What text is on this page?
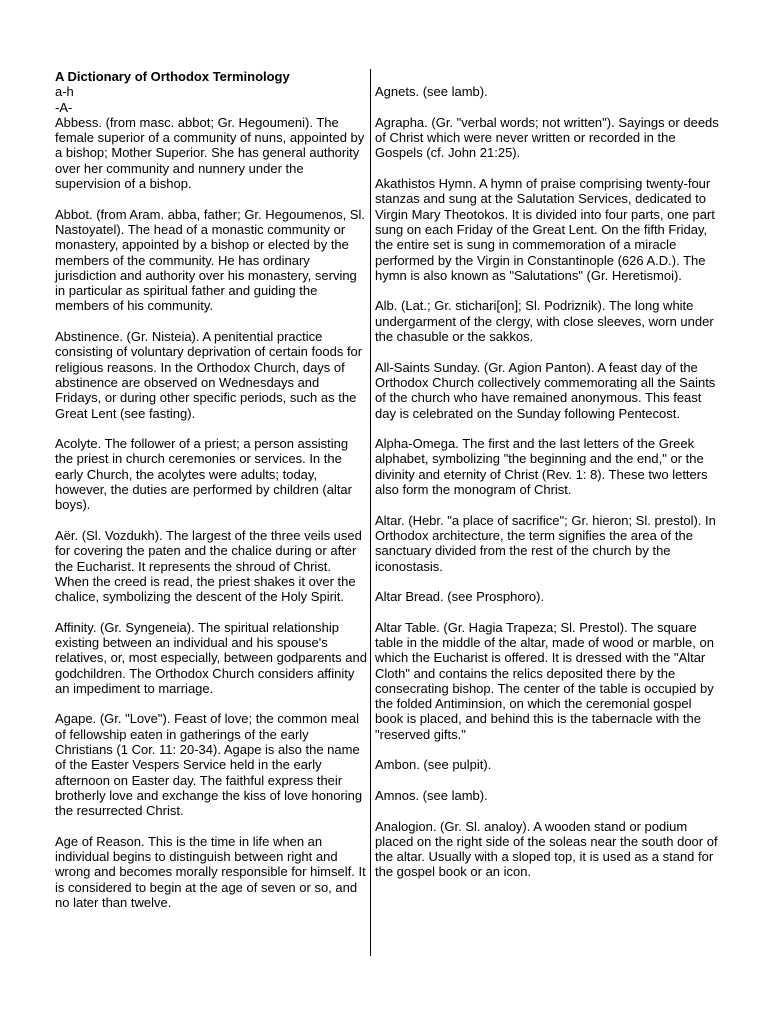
A Dictionary of Orthodox Terminology

a-h

-A-

Abbess. (from masc. abbot; Gr. Hegoumeni). The female superior of a community of nuns, appointed by a bishop; Mother Superior. She has general authority over her community and nunnery under the supervision of a bishop.

Abbot. (from Aram. abba, father; Gr. Hegoumenos, Sl. Nastoyatel). The head of a monastic community or monastery, appointed by a bishop or elected by the members of the community. He has ordinary jurisdiction and authority over his monastery, serving in particular as spiritual father and guiding the members of his community.

Abstinence. (Gr. Nisteia). A penitential practice consisting of voluntary deprivation of certain foods for religious reasons. In the Orthodox Church, days of abstinence are observed on Wednesdays and Fridays, or during other specific periods, such as the Great Lent (see fasting).

Acolyte. The follower of a priest; a person assisting the priest in church ceremonies or services. In the early Church, the acolytes were adults; today, however, the duties are performed by children (altar boys).

Aër. (Sl. Vozdukh). The largest of the three veils used for covering the paten and the chalice during or after the Eucharist. It represents the shroud of Christ. When the creed is read, the priest shakes it over the chalice, symbolizing the descent of the Holy Spirit.

Affinity. (Gr. Syngeneia). The spiritual relationship existing between an individual and his spouse's relatives, or, most especially, between godparents and godchildren. The Orthodox Church considers affinity an impediment to marriage.

Agape. (Gr. "Love"). Feast of love; the common meal of fellowship eaten in gatherings of the early Christians (1 Cor. 11: 20-34). Agape is also the name of the Easter Vespers Service held in the early afternoon on Easter day. The faithful express their brotherly love and exchange the kiss of love honoring the resurrected Christ.

Age of Reason. This is the time in life when an individual begins to distinguish between right and wrong and becomes morally responsible for himself. It is considered to begin at the age of seven or so, and no later than twelve.

Agnets. (see lamb).

Agrapha. (Gr. "verbal words; not written"). Sayings or deeds of Christ which were never written or recorded in the Gospels (cf. John 21:25).

Akathistos Hymn. A hymn of praise comprising twenty-four stanzas and sung at the Salutation Services, dedicated to Virgin Mary Theotokos. It is divided into four parts, one part sung on each Friday of the Great Lent. On the fifth Friday, the entire set is sung in commemoration of a miracle performed by the Virgin in Constantinople (626 A.D.). The hymn is also known as "Salutations" (Gr. Heretismoi).

Alb. (Lat.; Gr. stichari[on]; Sl. Podriznik). The long white undergarment of the clergy, with close sleeves, worn under the chasuble or the sakkos.

All-Saints Sunday. (Gr. Agion Panton). A feast day of the Orthodox Church collectively commemorating all the Saints of the church who have remained anonymous. This feast day is celebrated on the Sunday following Pentecost.

Alpha-Omega. The first and the last letters of the Greek alphabet, symbolizing "the beginning and the end," or the divinity and eternity of Christ (Rev. 1: 8). These two letters also form the monogram of Christ.

Altar. (Hebr. "a place of sacrifice"; Gr. hieron; Sl. prestol). In Orthodox architecture, the term signifies the area of the sanctuary divided from the rest of the church by the iconostasis.

Altar Bread. (see Prosphoro).

Altar Table. (Gr. Hagia Trapeza; Sl. Prestol). The square table in the middle of the altar, made of wood or marble, on which the Eucharist is offered. It is dressed with the "Altar Cloth" and contains the relics deposited there by the consecrating bishop. The center of the table is occupied by the folded Antiminsion, on which the ceremonial gospel book is placed, and behind this is the tabernacle with the "reserved gifts."

Ambon. (see pulpit).

Amnos. (see lamb).

Analogion. (Gr. Sl. analoy). A wooden stand or podium placed on the right side of the soleas near the south door of the altar. Usually with a sloped top, it is used as a stand for the gospel book or an icon.
